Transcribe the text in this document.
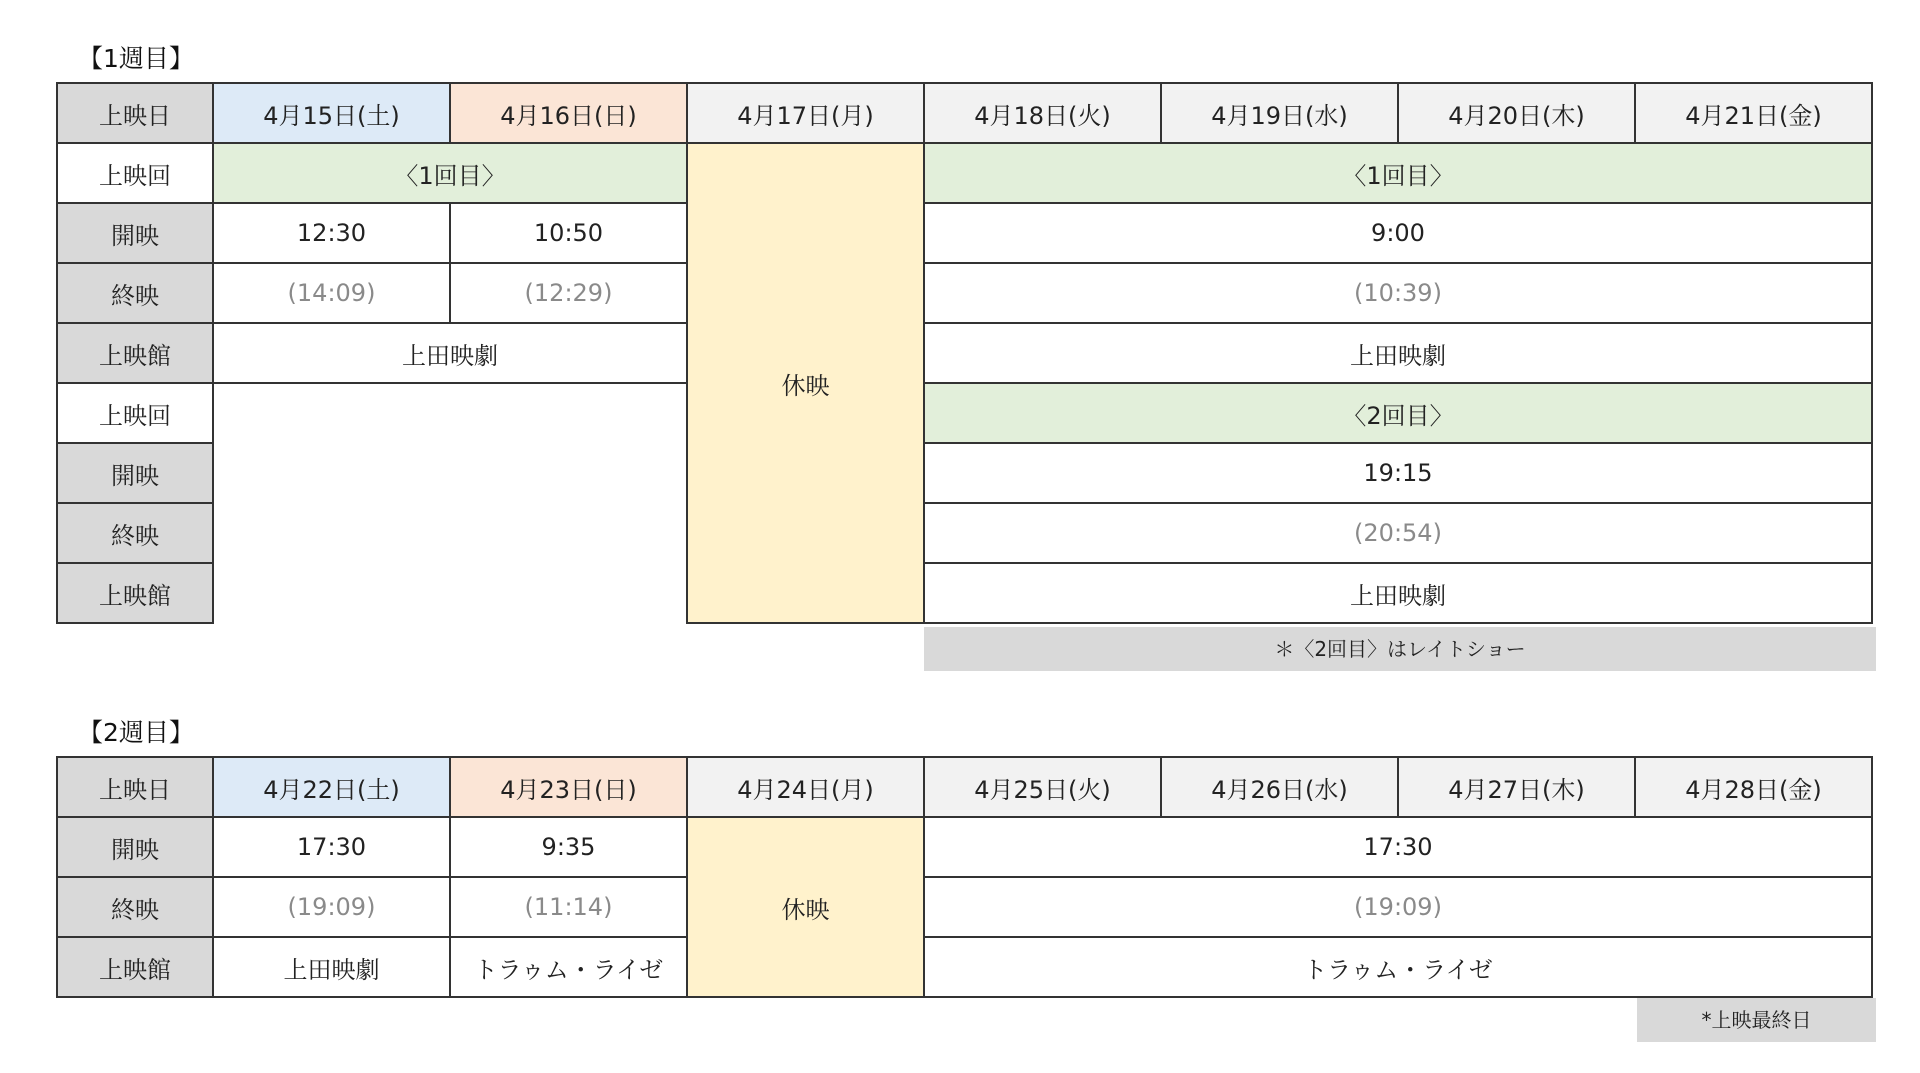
【1週目】
上映日	4月15日(土)	4月16日(日)	4月17日(月)	4月18日(火)	4月19日(水)	4月20日(木)	4月21日(金)
上映回	〈1回目〉		休映	〈1回目〉			
開映	12:30	10:50		9:00			
終映	(14:09)	(12:29)		(10:39)			
上映館	上田映劇			上田映劇			
上映回				〈2回目〉			
開映				19:15			
終映				(20:54)			
上映館				上田映劇			
＊〈2回目〉はレイトショー
【2週目】
上映日	4月22日(土)	4月23日(日)	4月24日(月)	4月25日(火)	4月26日(水)	4月27日(木)	4月28日(金)
開映	17:30	9:35	休映	17:30			
終映	(19:09)	(11:14)		(19:09)			
上映館	上田映劇	トラゥム・ライゼ		トラゥム・ライゼ			
*上映最終日
